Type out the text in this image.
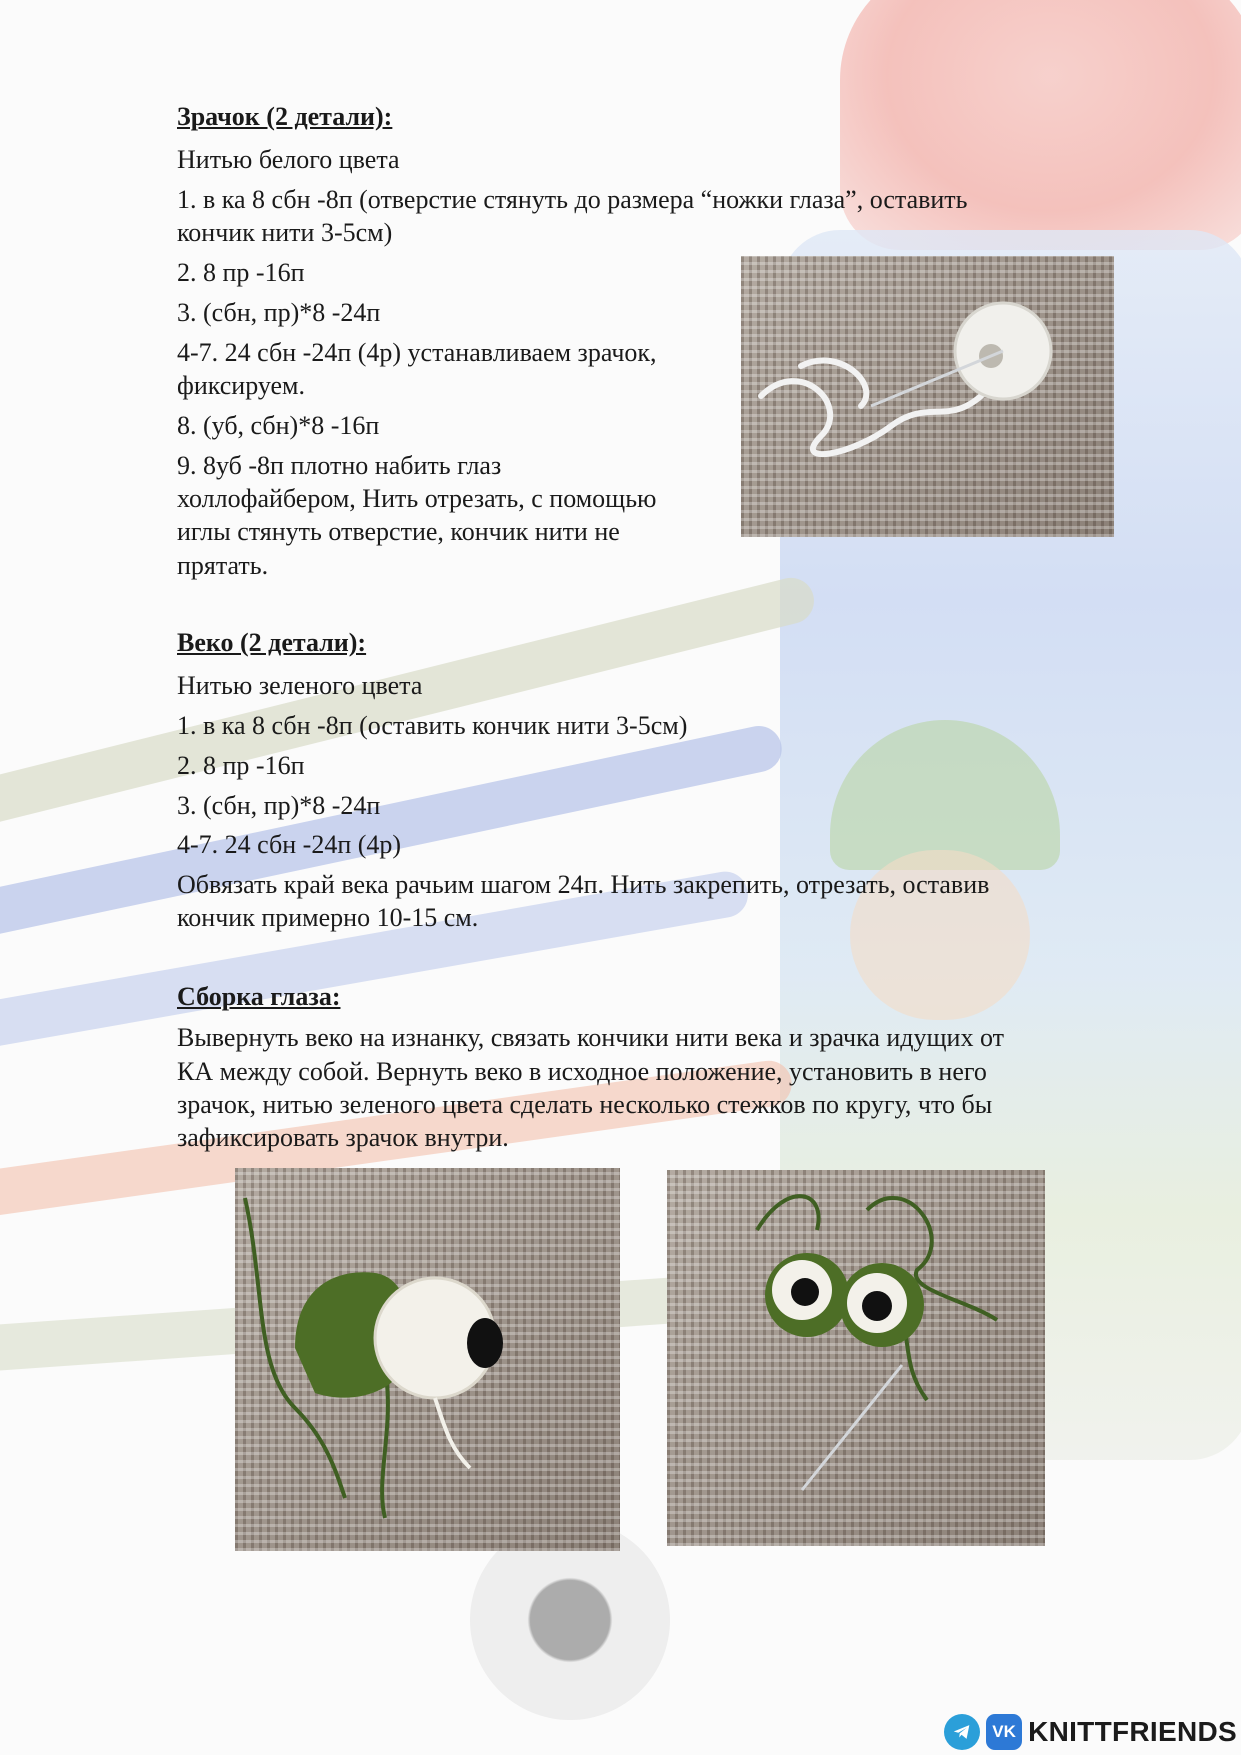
Зрачок (2 детали):
Нитью белого цвета
1. в ка 8 сбн -8п (отверстие стянуть до размера “ножки глаза”, оставить
кончик нити 3-5см)
2. 8 пр -16п
3. (сбн, пр)*8 -24п
4-7. 24 сбн -24п (4р) устанавливаем зрачок,
фиксируем.
8. (уб, сбн)*8 -16п
9. 8уб -8п плотно набить глаз
холлофайбером, Нить отрезать, с помощью
иглы стянуть отверстие, кончик нити не
прятать.
Веко (2 детали):
Нитью зеленого цвета
1. в ка 8 сбн -8п (оставить кончик нити 3-5см)
2. 8 пр -16п
3. (сбн, пр)*8 -24п
4-7. 24 сбн -24п (4р)
Обвязать край века рачьим шагом 24п. Нить закрепить, отрезать, оставив
кончик примерно 10-15 см.
Сборка глаза:
Вывернуть веко на изнанку, связать кончики нити века и зрачка идущих от
КА между собой. Вернуть веко в исходное положение, установить в него
зрачок, нитью зеленого цвета сделать несколько стежков по кругу, что бы
зафиксировать зрачок внутри.
VK KNITTFRIENDS
